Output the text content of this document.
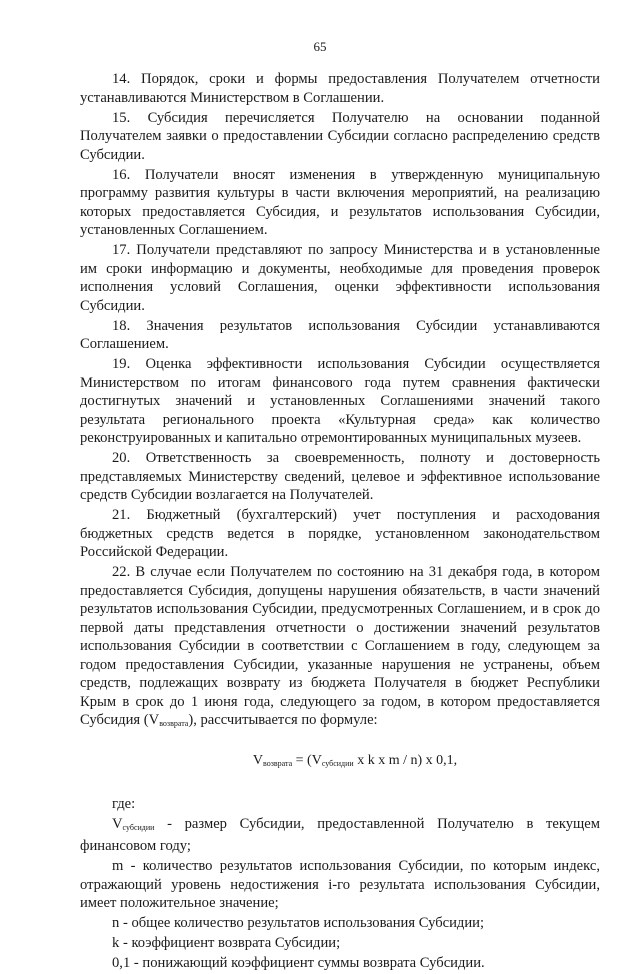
65

14. Порядок, сроки и формы предоставления Получателем отчетности устанавливаются Министерством в Соглашении.

15. Субсидия перечисляется Получателю на основании поданной Получателем заявки о предоставлении Субсидии согласно распределению средств Субсидии.

16. Получатели вносят изменения в утвержденную муниципальную программу развития культуры в части включения мероприятий, на реализацию которых предоставляется Субсидия, и результатов использования Субсидии, установленных Соглашением.

17. Получатели представляют по запросу Министерства и в установленные им сроки информацию и документы, необходимые для проведения проверок исполнения условий Соглашения, оценки эффективности использования Субсидии.

18. Значения результатов использования Субсидии устанавливаются Соглашением.

19. Оценка эффективности использования Субсидии осуществляется Министерством по итогам финансового года путем сравнения фактически достигнутых значений и установленных Соглашениями значений такого результата регионального проекта «Культурная среда» как количество реконструированных и капитально отремонтированных муниципальных музеев.

20. Ответственность за своевременность, полноту и достоверность представляемых Министерству сведений, целевое и эффективное использование средств Субсидии возлагается на Получателей.

21. Бюджетный (бухгалтерский) учет поступления и расходования бюджетных средств ведется в порядке, установленном законодательством Российской Федерации.

22. В случае если Получателем по состоянию на 31 декабря года, в котором предоставляется Субсидия, допущены нарушения обязательств, в части значений результатов использования Субсидии, предусмотренных Соглашением, и в срок до первой даты представления отчетности о достижении значений результатов использования Субсидии в соответствии с Соглашением в году, следующем за годом предоставления Субсидии, указанные нарушения не устранены, объем средств, подлежащих возврату из бюджета Получателя в бюджет Республики Крым в срок до 1 июня года, следующего за годом, в котором предоставляется Субсидия $(V_{возврата})$, рассчитывается по формуле:

$V_{возврата} = (V_{субсидии}$ x k x m / n) x 0,1,

где:

$V_{субсидии}$ - размер Субсидии, предоставленной Получателю в текущем финансовом году;

m - количество результатов использования Субсидии, по которым индекс, отражающий уровень недостижения i-го результата использования Субсидии, имеет положительное значение;

n - общее количество результатов использования Субсидии;

k - коэффициент возврата Субсидии;

0,1 - понижающий коэффициент суммы возврата Субсидии.
